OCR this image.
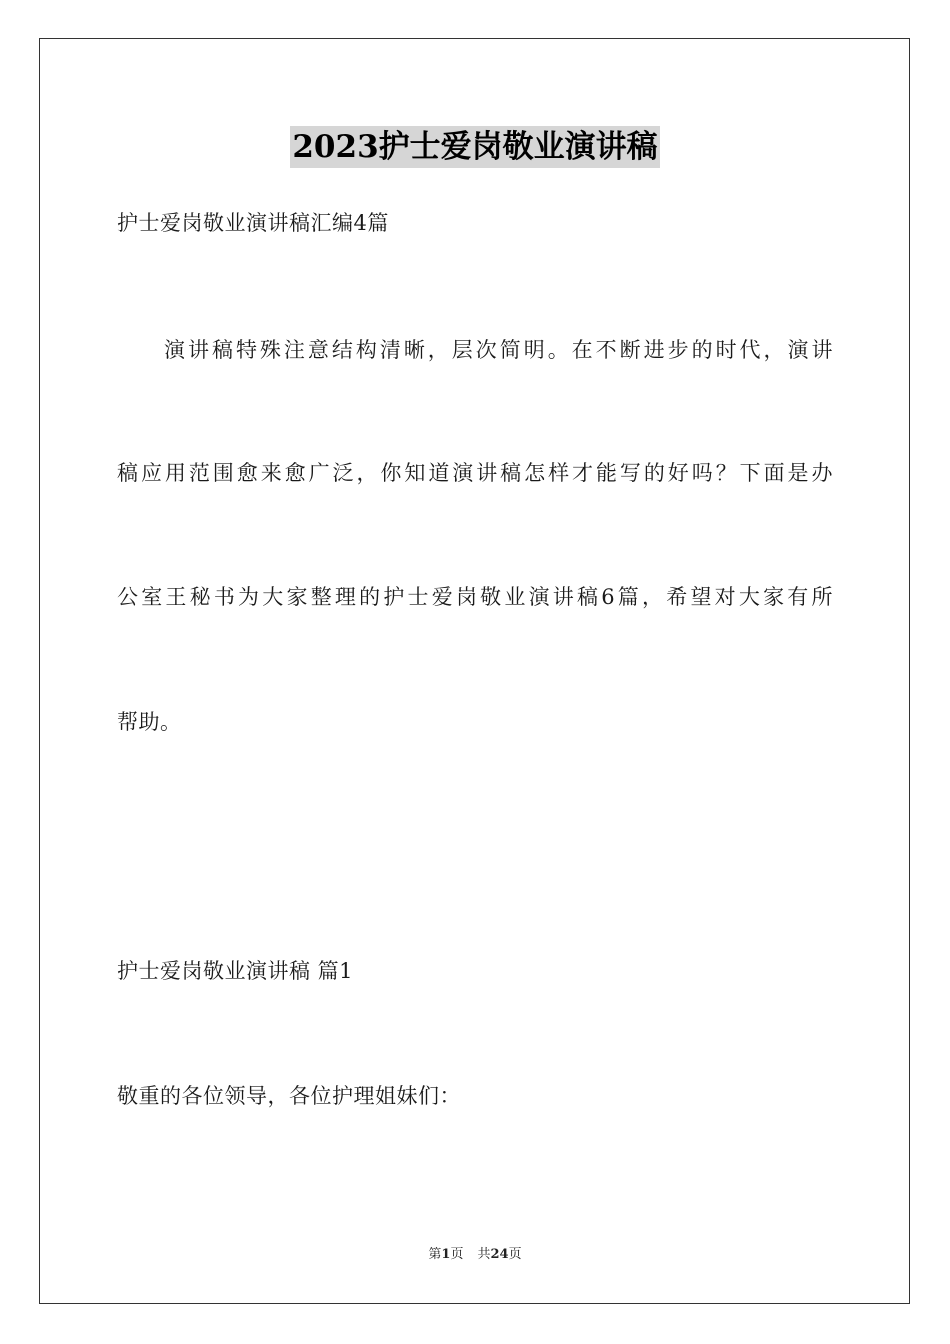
2023护士爱岗敬业演讲稿
护士爱岗敬业演讲稿汇编4篇
演讲稿特殊注意结构清晰，层次简明。在不断进步的时代，演讲
稿应用范围愈来愈广泛，你知道演讲稿怎样才能写的好吗？下面是办
公室王秘书为大家整理的护士爱岗敬业演讲稿6篇，希望对大家有所
帮助。
护士爱岗敬业演讲稿 篇1
敬重的各位领导，各位护理姐妹们：
第1页 共24页
